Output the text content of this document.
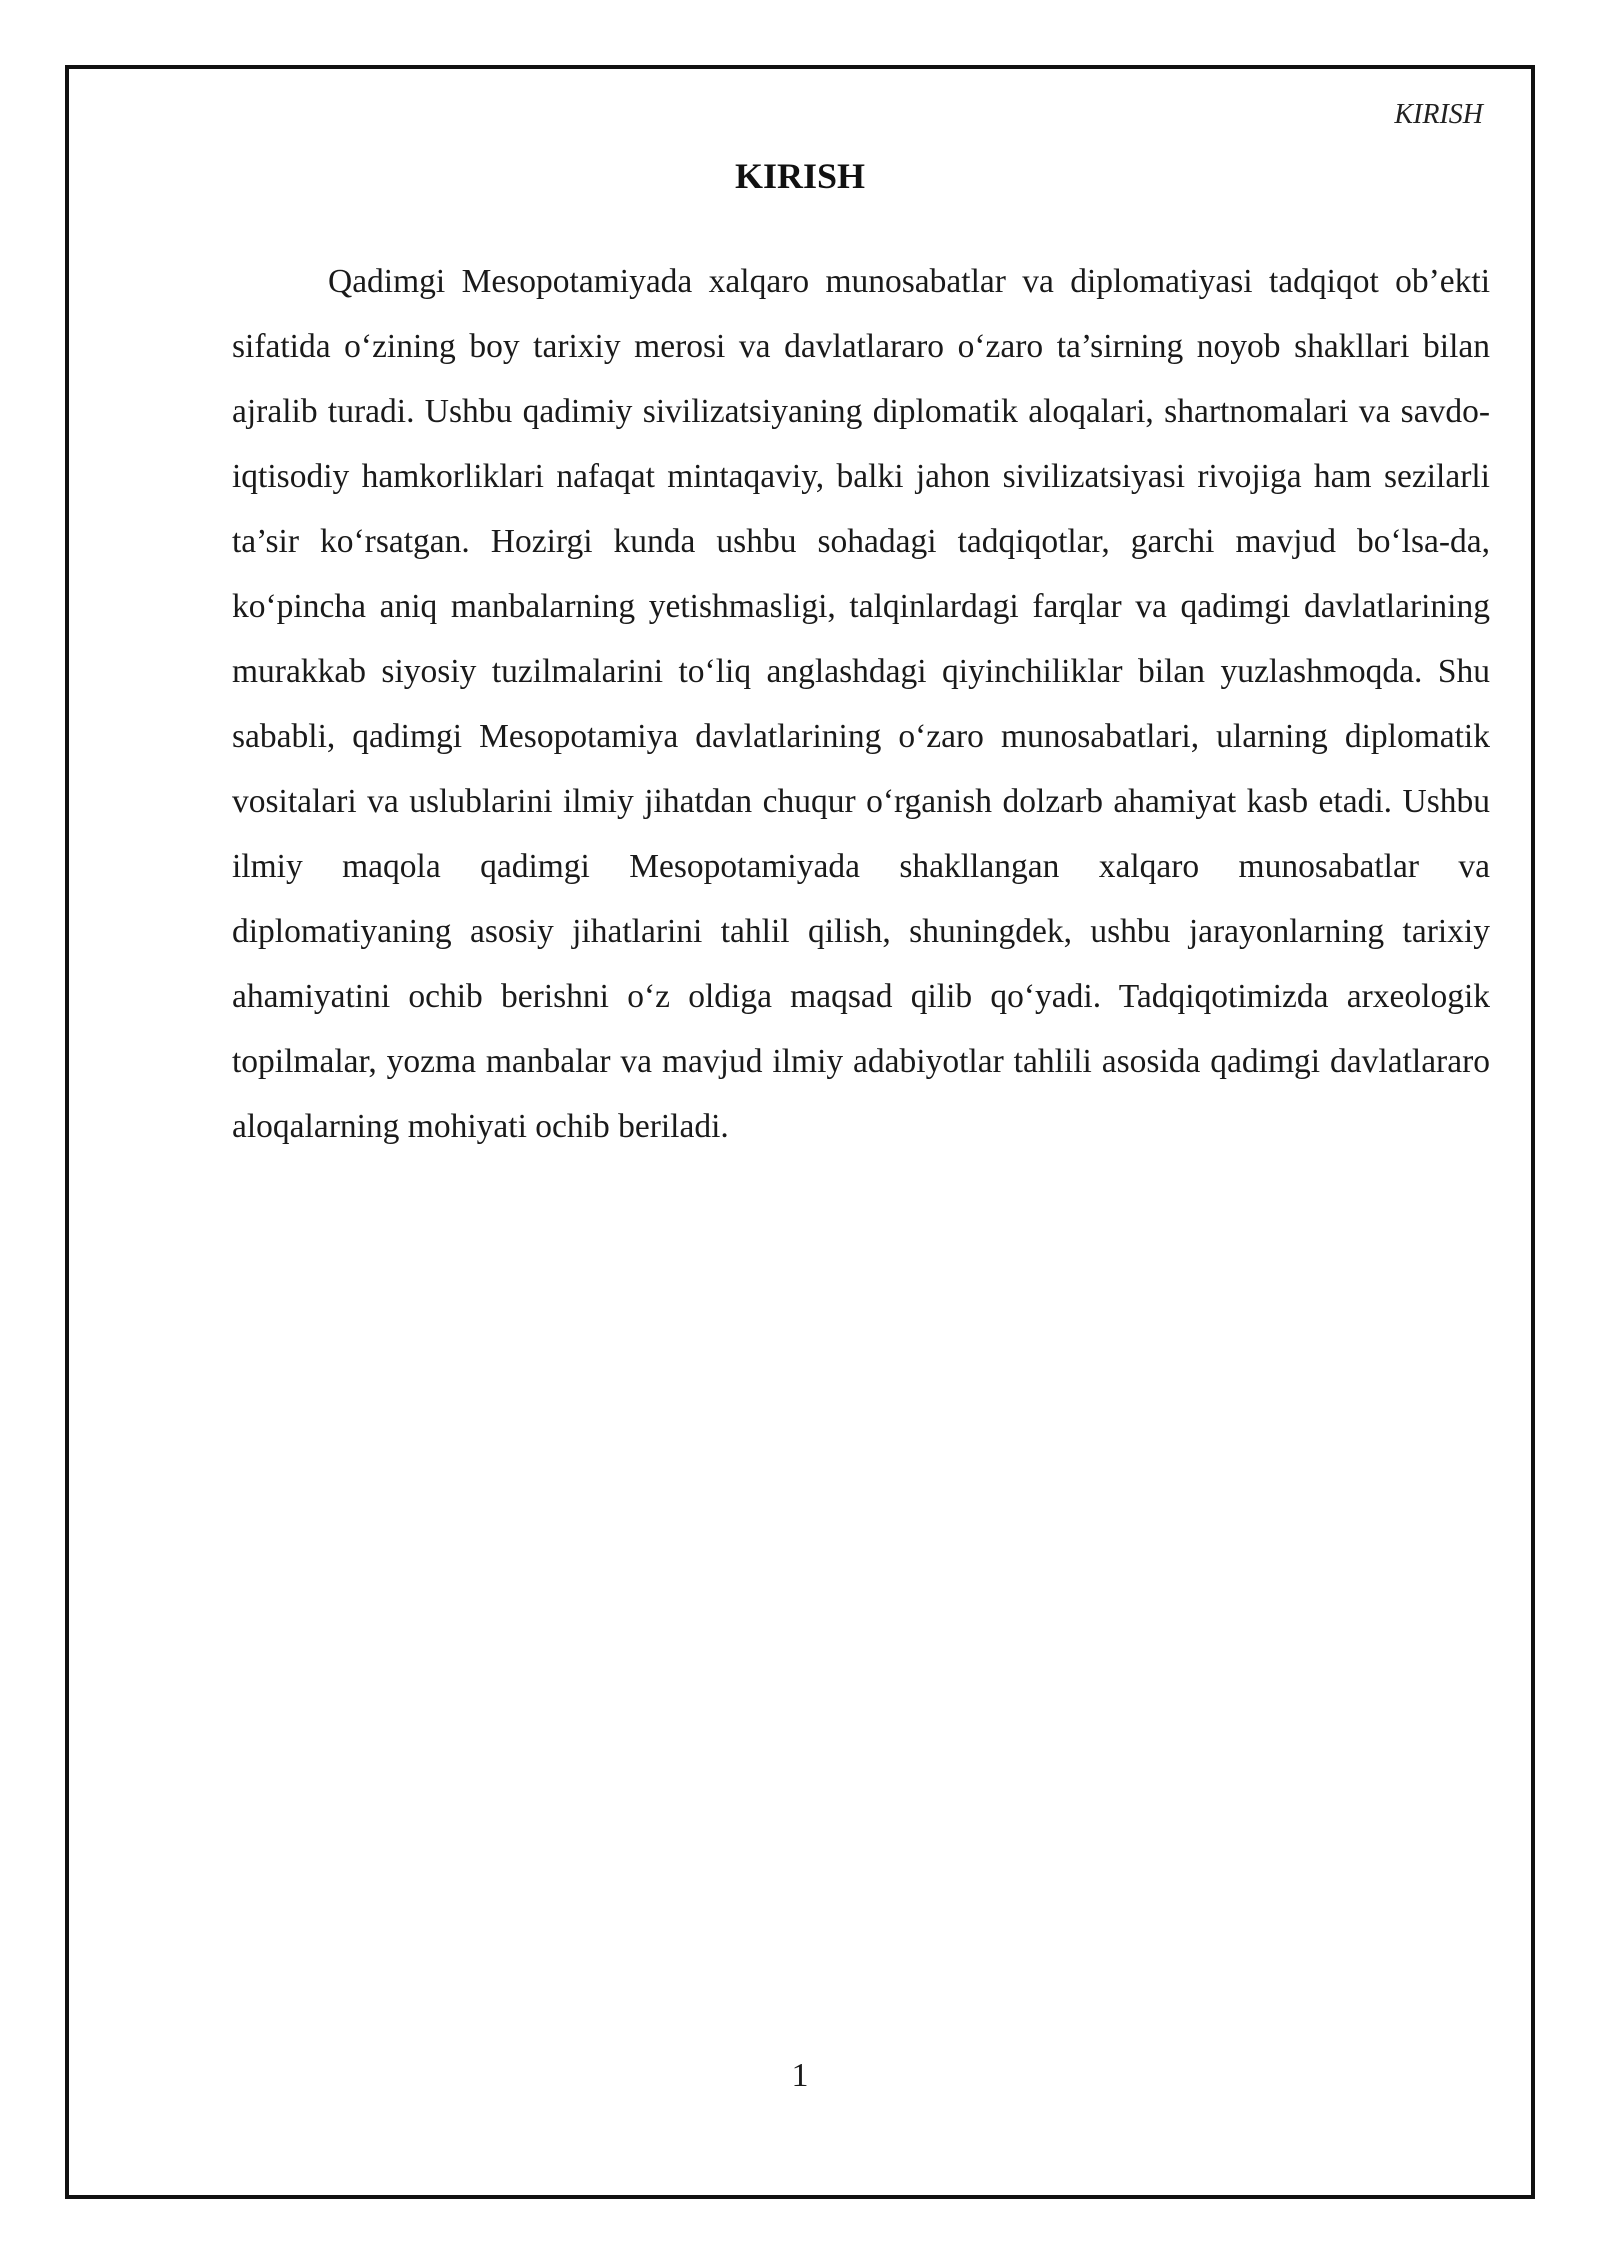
KIRISH
KIRISH

Qadimgi Mesopotamiyada xalqaro munosabatlar va diplomatiyasi tadqiqot ob’ekti sifatida o‘zining boy tarixiy merosi va davlatlararo o‘zaro ta’sirning noyob shakllari bilan ajralib turadi. Ushbu qadimiy sivilizatsiyaning diplomatik aloqalari, shartnomalari va savdo-iqtisodiy hamkorliklari nafaqat mintaqaviy, balki jahon sivilizatsiyasi rivojiga ham sezilarli ta’sir ko‘rsatgan. Hozirgi kunda ushbu sohadagi tadqiqotlar, garchi mavjud bo‘lsa-da, ko‘pincha aniq manbalarning yetishmasligi, talqinlardagi farqlar va qadimgi davlatlarining murakkab siyosiy tuzilmalarini to‘liq anglashdagi qiyinchiliklar bilan yuzlashmoqda. Shu sababli, qadimgi Mesopotamiya davlatlarining o‘zaro munosabatlari, ularning diplomatik vositalari va uslublarini ilmiy jihatdan chuqur o‘rganish dolzarb ahamiyat kasb etadi. Ushbu ilmiy maqola qadimgi Mesopotamiyada shakllangan xalqaro munosabatlar va diplomatiyaning asosiy jihatlarini tahlil qilish, shuningdek, ushbu jarayonlarning tarixiy ahamiyatini ochib berishni o‘z oldiga maqsad qilib qo‘yadi. Tadqiqotimizda arxeologik topilmalar, yozma manbalar va mavjud ilmiy adabiyotlar tahlili asosida qadimgi davlatlararo aloqalarning mohiyati ochib beriladi.

1
